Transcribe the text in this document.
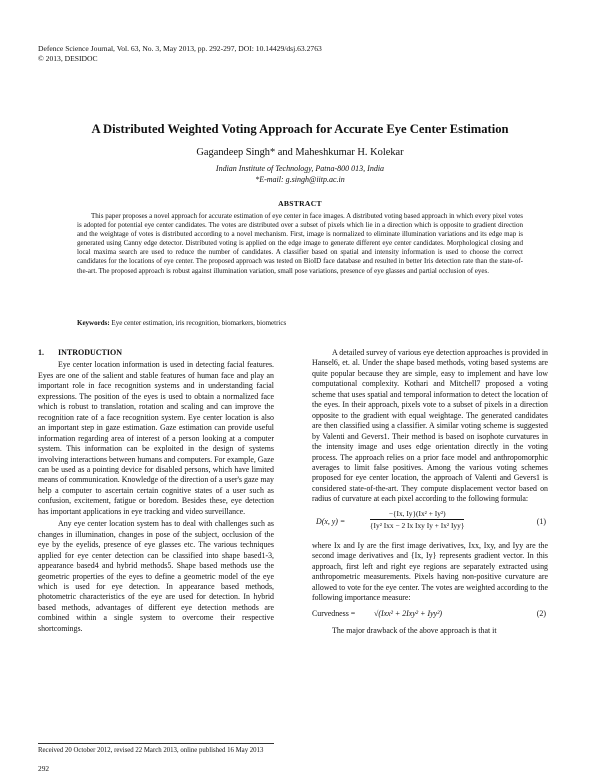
Defence Science Journal, Vol. 63, No. 3, May 2013, pp. 292-297, DOI: 10.14429/dsj.63.2763
© 2013, DESIDOC
A Distributed Weighted Voting Approach for Accurate Eye Center Estimation
Gagandeep Singh* and Maheshkumar H. Kolekar
Indian Institute of Technology, Patna-800 013, India
*E-mail: g.singh@iitp.ac.in
ABSTRACT
This paper proposes a novel approach for accurate estimation of eye center in face images. A distributed voting based approach in which every pixel votes is adopted for potential eye center candidates. The votes are distributed over a subset of pixels which lie in a direction which is opposite to gradient direction and the weightage of votes is distributed according to a novel mechanism. First, image is normalized to eliminate illumination variations and its edge map is generated using Canny edge detector. Distributed voting is applied on the edge image to generate different eye center candidates. Morphological closing and local maxima search are used to reduce the number of candidates. A classifier based on spatial and intensity information is used to choose the correct candidates for the locations of eye center. The proposed approach was tested on BioID face database and resulted in better Iris detection rate than the state-of-the-art. The proposed approach is robust against illumination variation, small pose variations, presence of eye glasses and partial occlusion of eyes.
Keywords: Eye center estimation, iris recognition, biomarkers, biometrics
1. INTRODUCTION

Eye center location information is used in detecting facial features. Eyes are one of the salient and stable features of human face and play an important role in face recognition systems and in understanding facial expressions. The position of the eyes is used to obtain a normalized face which is robust to translation, rotation and scaling and can improve the recognition rate of a face recognition system. Eye center location is also an important step in gaze estimation. Gaze estimation can provide useful information regarding area of interest of a person looking at a computer system. This information can be exploited in the design of systems involving interactions between humans and computers. For example, Gaze can be used as a pointing device for disabled persons, which have limited means of communication. Knowledge of the direction of a user's gaze may help a computer to ascertain certain cognitive states of a user such as confusion, excitement, fatigue or boredom. Besides these, eye detection has important applications in eye tracking and video surveillance.

Any eye center location system has to deal with challenges such as changes in illumination, changes in pose of the subject, occlusion of the eye by the eyelids, presence of eye glasses etc. The various techniques applied for eye center detection can be classified into shape based1-3, appearance based4 and hybrid methods5. Shape based methods use the geometric properties of the eyes to define a geometric model of the eye which is used for eye detection. In appearance based methods, photometric characteristics of the eye are used for detection. In hybrid based methods, advantages of different eye detection methods are combined within a single system to overcome their respective shortcomings.

A detailed survey of various eye detection approaches is provided in Hansel6, et. al. Under the shape based methods, voting based systems are quite popular because they are simple, easy to implement and have low computational complexity. Kothari and Mitchell7 proposed a voting scheme that uses spatial and temporal information to detect the location of the eyes. In their approach, pixels vote to a subset of pixels in a direction opposite to the gradient with equal weightage. The generated candidates are then classified using a classifier. A similar voting scheme is suggested by Valenti and Gevers1. Their method is based on isophote curvatures in the intensity image and uses edge orientation directly in the voting process. The approach relies on a prior face model and anthropomorphic averages to limit false positives. Among the various voting schemes proposed for eye center location, the approach of Valenti and Gevers1 is considered state-of-the-art. They compute displacement vector based on radius of curvature at each pixel according to the following formula:

D(x, y) =
−{Ix, Iy}(Ix² + Iy²)
{Iy² Ixx − 2 Ix Ixy Iy + Ix² Iyy}	(1)

where Ix and Iy are the first image derivatives, Ixx, Ixy, and Iyy are the second image derivatives and {Ix, Iy} represents gradient vector. In this approach, first left and right eye regions are separately extracted using anthropometric measurements. Pixels having non-positive curvature are allowed to vote for the eye center. The votes are weighted according to the following importance measure:

Curvedness = √(Ixx² + 2Ixy² + Iyy²)	(2)

The major drawback of the above approach is that it

Received 20 October 2012, revised 22 March 2013, online published 16 May 2013
292
